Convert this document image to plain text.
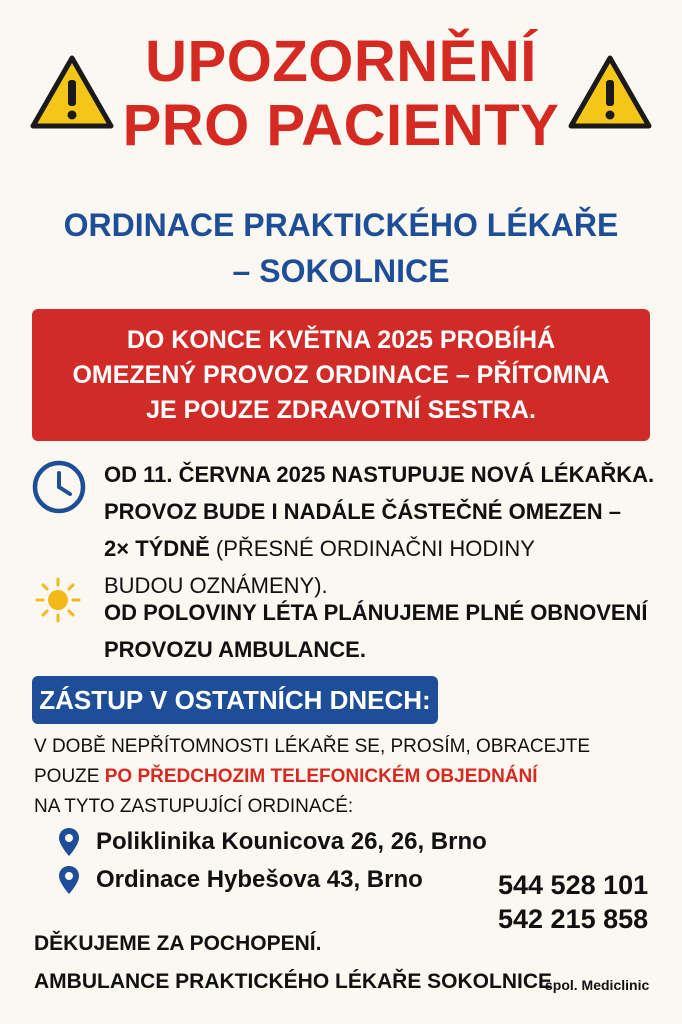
UPOZORNĚNÍ
PRO PACIENTY
ORDINACE PRAKTICKÉHO LÉKAŘE
– SOKOLNICE
DO KONCE KVĚTNA 2025 PROBÍHÁ
OMEZENÝ PROVOZ ORDINACE – PŘÍTOMNA
JE POUZE ZDRAVOTNÍ SESTRA.
OD 11. ČERVNA 2025 NASTUPUJE NOVÁ LÉKAŘKA.
PROVOZ BUDE I NADÁLE ČÁSTEČNÉ OMEZEN –
2× TÝDNĚ (PŘESNÉ ORDINAČNI HODINY
BUDOU OZNÁMENY).
OD POLOVINY LÉTA PLÁNUJEME PLNÉ OBNOVENÍ
PROVOZU AMBULANCE.
ZÁSTUP V OSTATNÍCH DNECH:
V DOBĚ NEPŘÍTOMNOSTI LÉKAŘE SE, PROSÍM, OBRACEJTE
POUZE PO PŘEDCHOZIM TELEFONICKÉM OBJEDNÁNÍ
NA TYTO ZASTUPUJÍCÍ ORDINACÉ:
Poliklinika Kounicova 26, 26, Brno
Ordinace Hybešova 43, Brno	544 528 101
542 215 858
DĚKUJEME ZA POCHOPENÍ.
AMBULANCE PRAKTICKÉHO LÉKAŘE SOKOLNICE
spol. Mediclinic
